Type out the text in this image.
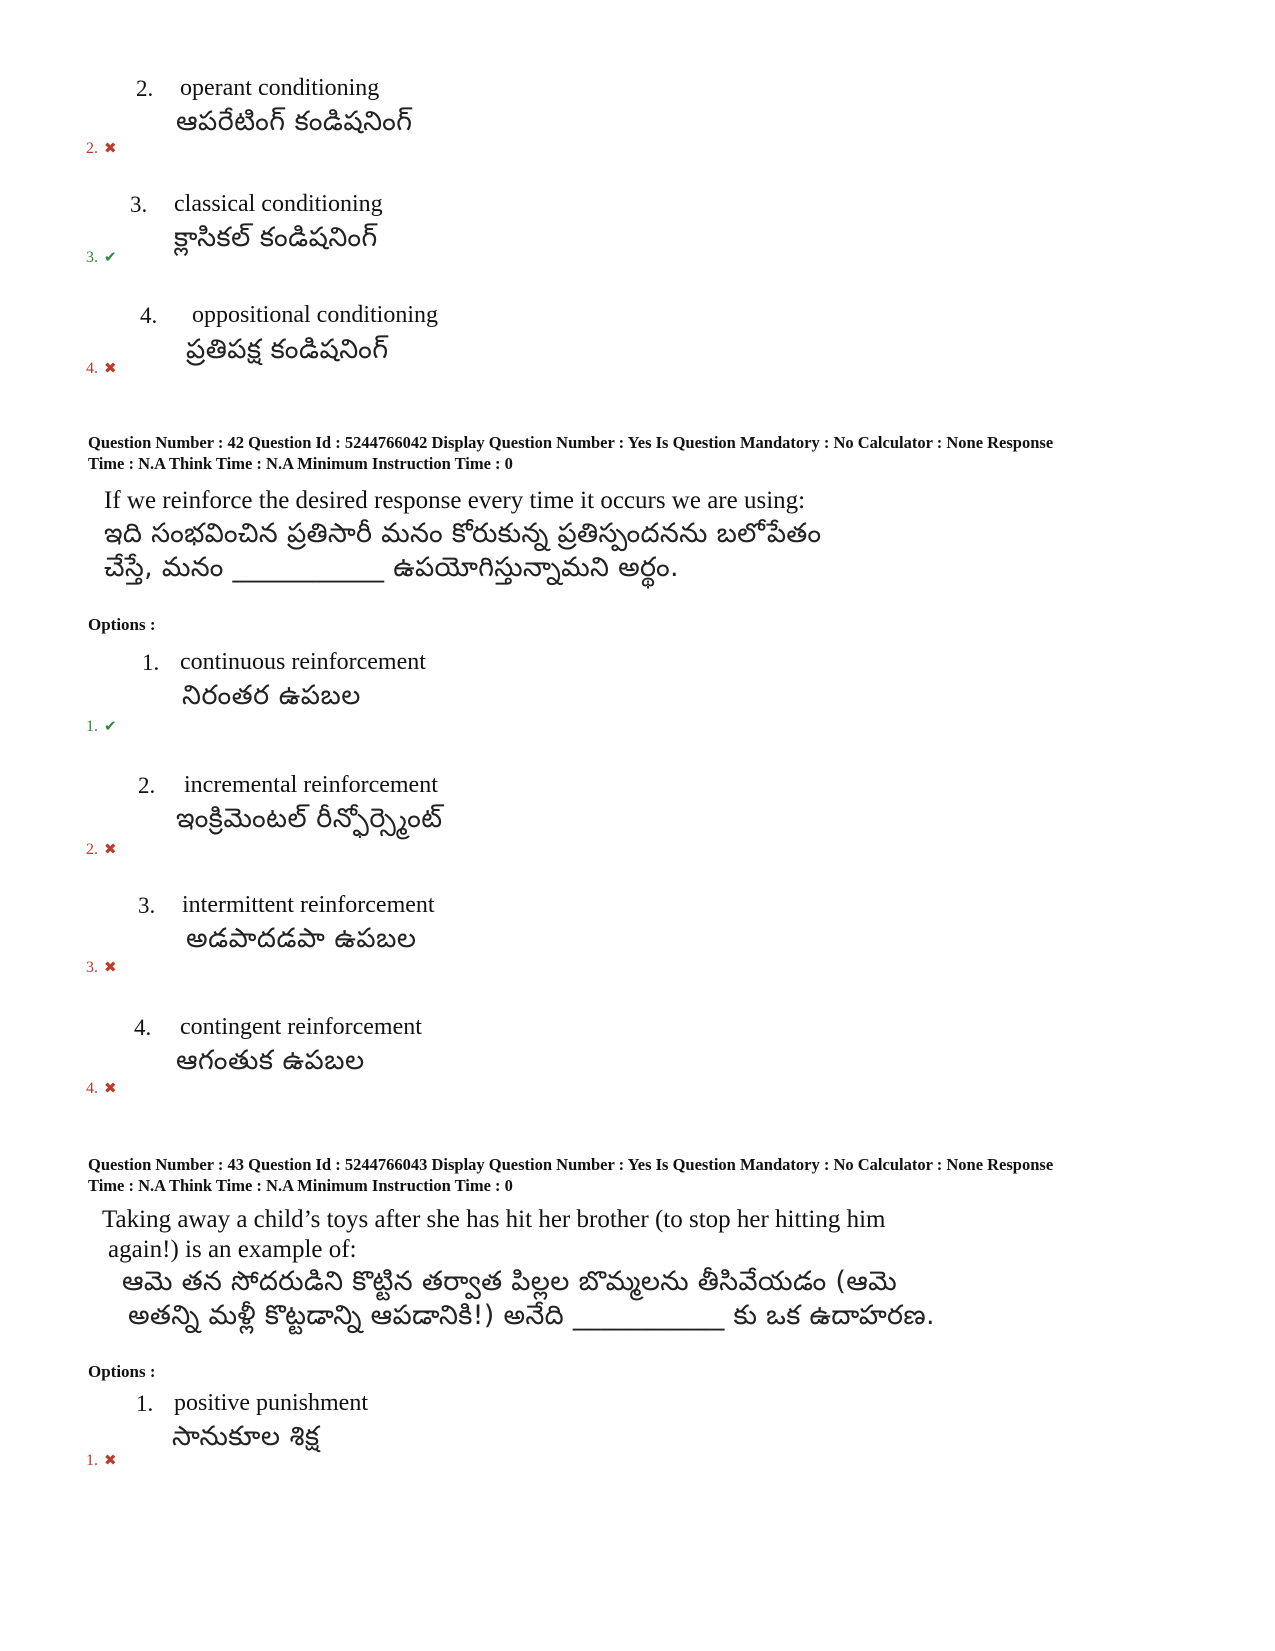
2. operant conditioning
ఆపరేటింగ్ కండిషనింగ్
2. ✖
3. classical conditioning
క్లాసికల్ కండిషనింగ్
3. ✔
4. oppositional conditioning
ప్రతిపక్ష కండిషనింగ్
4. ✖
Question Number : 42 Question Id : 5244766042 Display Question Number : Yes Is Question Mandatory : No Calculator : None Response
Time : N.A Think Time : N.A Minimum Instruction Time : 0
If we reinforce the desired response every time it occurs we are using:
ఇది సంభవించిన ప్రతిసారీ మనం కోరుకున్న ప్రతిస్పందనను బలోపేతం
చేస్తే, మనం ___________ ఉపయోగిస్తున్నామని అర్థం.
Options :
1. continuous reinforcement
నిరంతర ఉపబల
1. ✔
2. incremental reinforcement
ఇంక్రిమెంటల్ రీన్ఫోర్స్మెంట్
2. ✖
3. intermittent reinforcement
అడపాదడపా ఉపబల
3. ✖
4. contingent reinforcement
ఆగంతుక ఉపబల
4. ✖
Question Number : 43 Question Id : 5244766043 Display Question Number : Yes Is Question Mandatory : No Calculator : None Response
Time : N.A Think Time : N.A Minimum Instruction Time : 0
Taking away a child’s toys after she has hit her brother (to stop her hitting him
again!) is an example of:
ఆమె తన సోదరుడిని కొట్టిన తర్వాత పిల్లల బొమ్మలను తీసివేయడం (ఆమె
అతన్ని మళ్లీ కొట్టడాన్ని ఆపడానికి!) అనేది ___________ కు ఒక ఉదాహరణ.
Options :
1. positive punishment
సానుకూల శిక్ష
1. ✖
